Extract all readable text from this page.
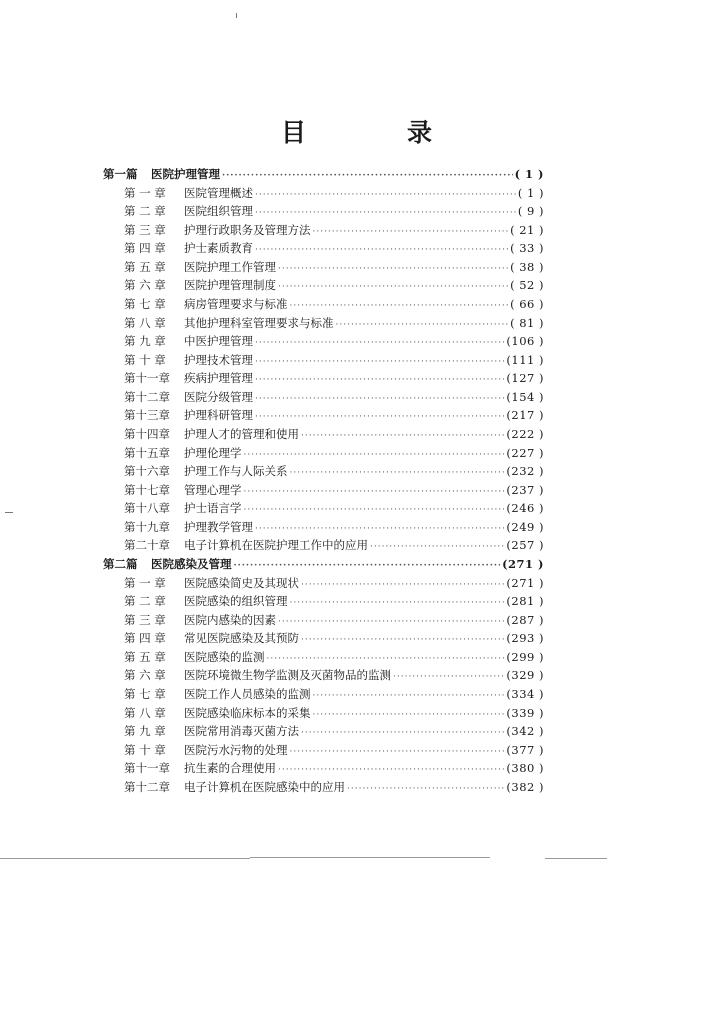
目　录
第一篇	医院护理管理 ·····	( 1 )
第 一 章	医院管理概述 ·····	( 1 )
第 二 章	医院组织管理 ·····	( 9 )
第 三 章	护理行政职务及管理方法 ·····	( 21 )
第 四 章	护士素质教育 ·····	( 33 )
第 五 章	医院护理工作管理 ·····	( 38 )
第 六 章	医院护理管理制度 ·····	( 52 )
第 七 章	病房管理要求与标准 ·····	( 66 )
第 八 章	其他护理科室管理要求与标准 ·····	( 81 )
第 九 章	中医护理管理 ·····	(106 )
第 十 章	护理技术管理 ·····	(111 )
第十一章	疾病护理管理 ·····	(127 )
第十二章	医院分级管理 ·····	(154 )
第十三章	护理科研管理 ·····	(217 )
第十四章	护理人才的管理和使用 ·····	(222 )
第十五章	护理伦理学 ·····	(227 )
第十六章	护理工作与人际关系 ·····	(232 )
第十七章	管理心理学 ·····	(237 )
第十八章	护士语言学 ·····	(246 )
第十九章	护理教学管理 ·····	(249 )
第二十章	电子计算机在医院护理工作中的应用 ·····	(257 )
第二篇	医院感染及管理 ·····	(271 )
第 一 章	医院感染简史及其现状 ·····	(271 )
第 二 章	医院感染的组织管理 ·····	(281 )
第 三 章	医院内感染的因素 ·····	(287 )
第 四 章	常见医院感染及其预防 ·····	(293 )
第 五 章	医院感染的监测 ·····	(299 )
第 六 章	医院环境微生物学监测及灭菌物品的监测 ·····	(329 )
第 七 章	医院工作人员感染的监测 ·····	(334 )
第 八 章	医院感染临床标本的采集 ·····	(339 )
第 九 章	医院常用消毒灭菌方法 ·····	(342 )
第 十 章	医院污水污物的处理 ·····	(377 )
第十一章	抗生素的合理使用 ·····	(380 )
第十二章	电子计算机在医院感染中的应用 ·····	(382 )
